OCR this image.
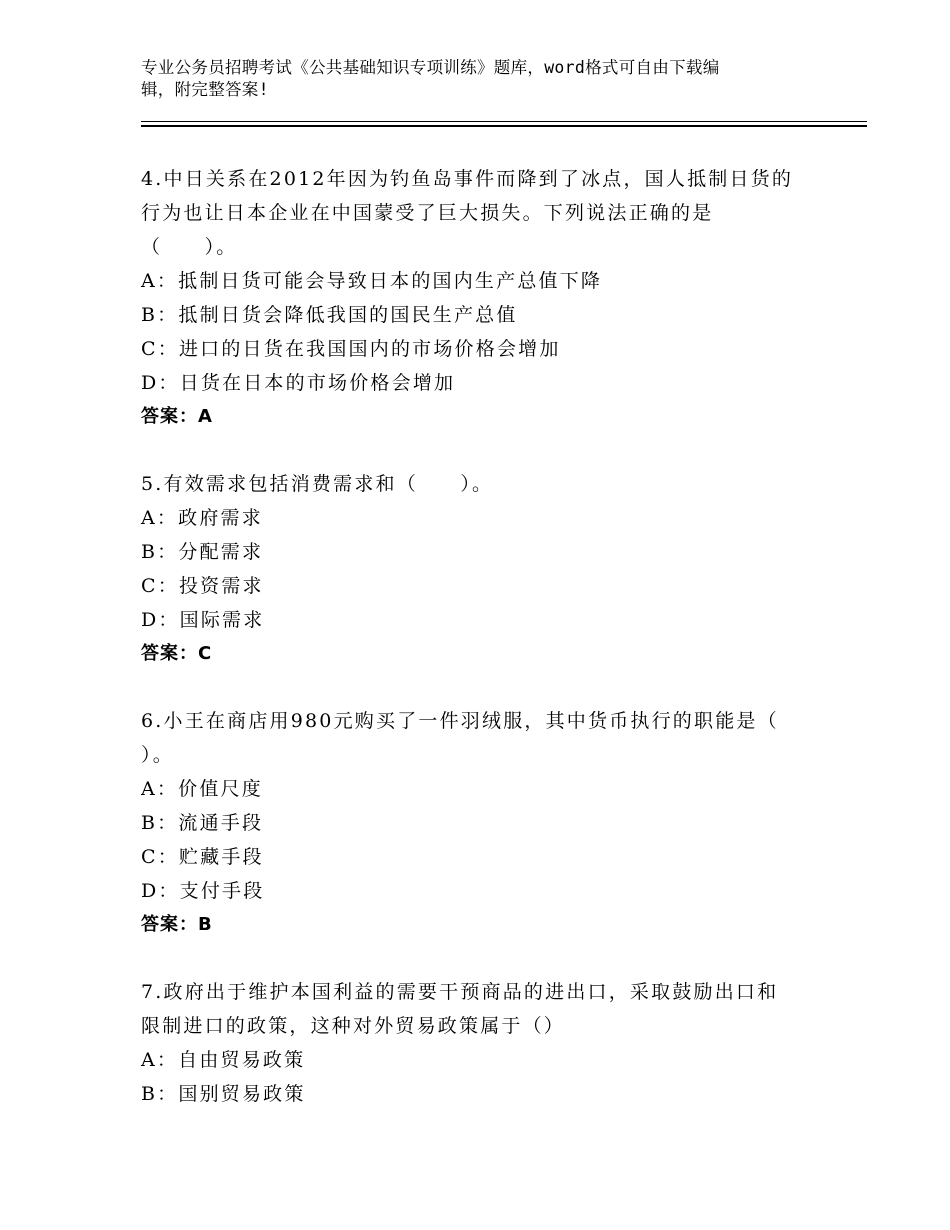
专业公务员招聘考试《公共基础知识专项训练》题库，word格式可自由下载编
辑，附完整答案!
4.中日关系在2012年因为钓鱼岛事件而降到了冰点，国人抵制日货的
行为也让日本企业在中国蒙受了巨大损失。下列说法正确的是
（　　）。
A：抵制日货可能会导致日本的国内生产总值下降
B：抵制日货会降低我国的国民生产总值
C：进口的日货在我国国内的市场价格会增加
D：日货在日本的市场价格会增加
答案：A
5.有效需求包括消费需求和（　　）。
A：政府需求
B：分配需求
C：投资需求
D：国际需求
答案：C
6.小王在商店用980元购买了一件羽绒服，其中货币执行的职能是（
）。
A：价值尺度
B：流通手段
C：贮藏手段
D：支付手段
答案：B
7.政府出于维护本国利益的需要干预商品的进出口，采取鼓励出口和
限制进口的政策，这种对外贸易政策属于（）
A：自由贸易政策
B：国别贸易政策
